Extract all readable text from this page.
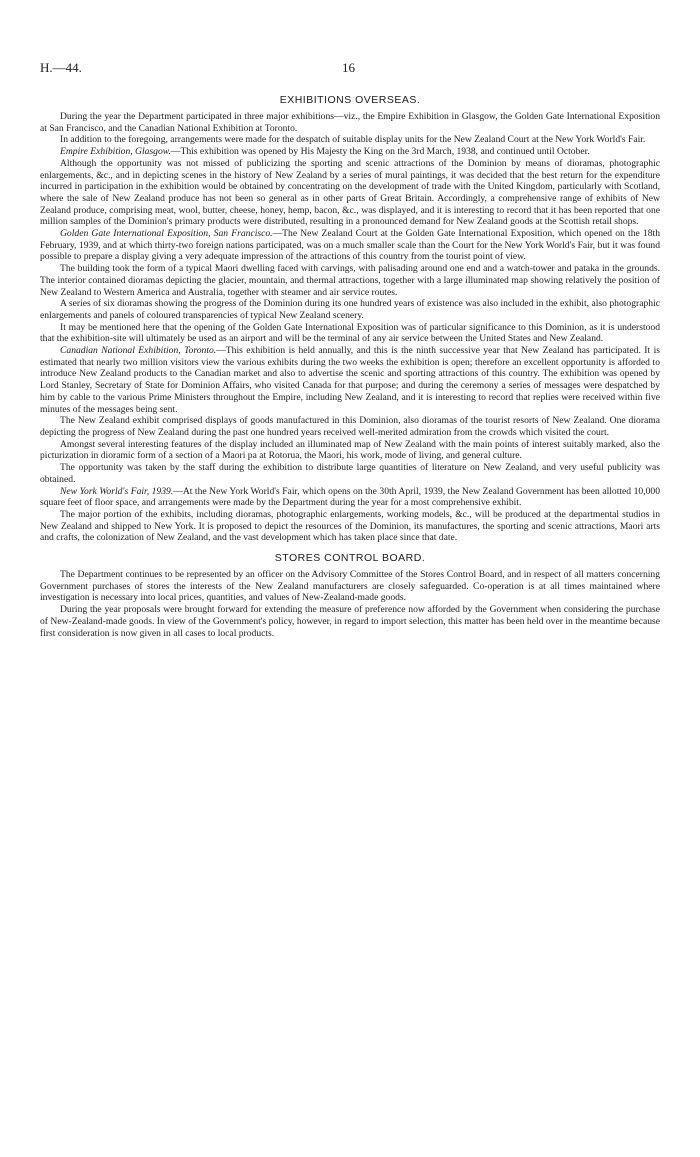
H.—44.	16
EXHIBITIONS OVERSEAS.

During the year the Department participated in three major exhibitions—viz., the Empire Exhibition in Glasgow, the Golden Gate International Exposition at San Francisco, and the Canadian National Exhibition at Toronto.

In addition to the foregoing, arrangements were made for the despatch of suitable display units for the New Zealand Court at the New York World's Fair.

Empire Exhibition, Glasgow.—This exhibition was opened by His Majesty the King on the 3rd March, 1938, and continued until October.

Although the opportunity was not missed of publicizing the sporting and scenic attractions of the Dominion by means of dioramas, photographic enlargements, &c., and in depicting scenes in the history of New Zealand by a series of mural paintings, it was decided that the best return for the expenditure incurred in participation in the exhibition would be obtained by concentrating on the development of trade with the United Kingdom, particularly with Scotland, where the sale of New Zealand produce has not been so general as in other parts of Great Britain. Accordingly, a comprehensive range of exhibits of New Zealand produce, comprising meat, wool, butter, cheese, honey, hemp, bacon, &c., was displayed, and it is interesting to record that it has been reported that one million samples of the Dominion's primary products were distributed, resulting in a pronounced demand for New Zealand goods at the Scottish retail shops.

Golden Gate International Exposition, San Francisco.—The New Zealand Court at the Golden Gate International Exposition, which opened on the 18th February, 1939, and at which thirty-two foreign nations participated, was on a much smaller scale than the Court for the New York World's Fair, but it was found possible to prepare a display giving a very adequate impression of the attractions of this country from the tourist point of view.

The building took the form of a typical Maori dwelling faced with carvings, with palisading around one end and a watch-tower and pataka in the grounds. The interior contained dioramas depicting the glacier, mountain, and thermal attractions, together with a large illuminated map showing relatively the position of New Zealand to Western America and Australia, together with steamer and air service routes.

A series of six dioramas showing the progress of the Dominion during its one hundred years of existence was also included in the exhibit, also photographic enlargements and panels of coloured transparencies of typical New Zealand scenery.

It may be mentioned here that the opening of the Golden Gate International Exposition was of particular significance to this Dominion, as it is understood that the exhibition-site will ultimately be used as an airport and will be the terminal of any air service between the United States and New Zealand.

Canadian National Exhibition, Toronto.—This exhibition is held annually, and this is the ninth successive year that New Zealand has participated. It is estimated that nearly two million visitors view the various exhibits during the two weeks the exhibition is open; therefore an excellent opportunity is afforded to introduce New Zealand products to the Canadian market and also to advertise the scenic and sporting attractions of this country. The exhibition was opened by Lord Stanley, Secretary of State for Dominion Affairs, who visited Canada for that purpose; and during the ceremony a series of messages were despatched by him by cable to the various Prime Ministers throughout the Empire, including New Zealand, and it is interesting to record that replies were received within five minutes of the messages being sent.

The New Zealand exhibit comprised displays of goods manufactured in this Dominion, also dioramas of the tourist resorts of New Zealand. One diorama depicting the progress of New Zealand during the past one hundred years received well-merited admiration from the crowds which visited the court.

Amongst several interesting features of the display included an illuminated map of New Zealand with the main points of interest suitably marked, also the picturization in dioramic form of a section of a Maori pa at Rotorua, the Maori, his work, mode of living, and general culture.

The opportunity was taken by the staff during the exhibition to distribute large quantities of literature on New Zealand, and very useful publicity was obtained.

New York World's Fair, 1939.—At the New York World's Fair, which opens on the 30th April, 1939, the New Zealand Government has been allotted 10,000 square feet of floor space, and arrangements were made by the Department during the year for a most comprehensive exhibit.

The major portion of the exhibits, including dioramas, photographic enlargements, working models, &c., will be produced at the departmental studios in New Zealand and shipped to New York. It is proposed to depict the resources of the Dominion, its manufactures, the sporting and scenic attractions, Maori arts and crafts, the colonization of New Zealand, and the vast development which has taken place since that date.

STORES CONTROL BOARD.

The Department continues to be represented by an officer on the Advisory Committee of the Stores Control Board, and in respect of all matters concerning Government purchases of stores the interests of the New Zealand manufacturers are closely safeguarded. Co-operation is at all times maintained where investigation is necessary into local prices, quantities, and values of New-Zealand-made goods.

During the year proposals were brought forward for extending the measure of preference now afforded by the Government when considering the purchase of New-Zealand-made goods. In view of the Government's policy, however, in regard to import selection, this matter has been held over in the meantime because first consideration is now given in all cases to local products.
